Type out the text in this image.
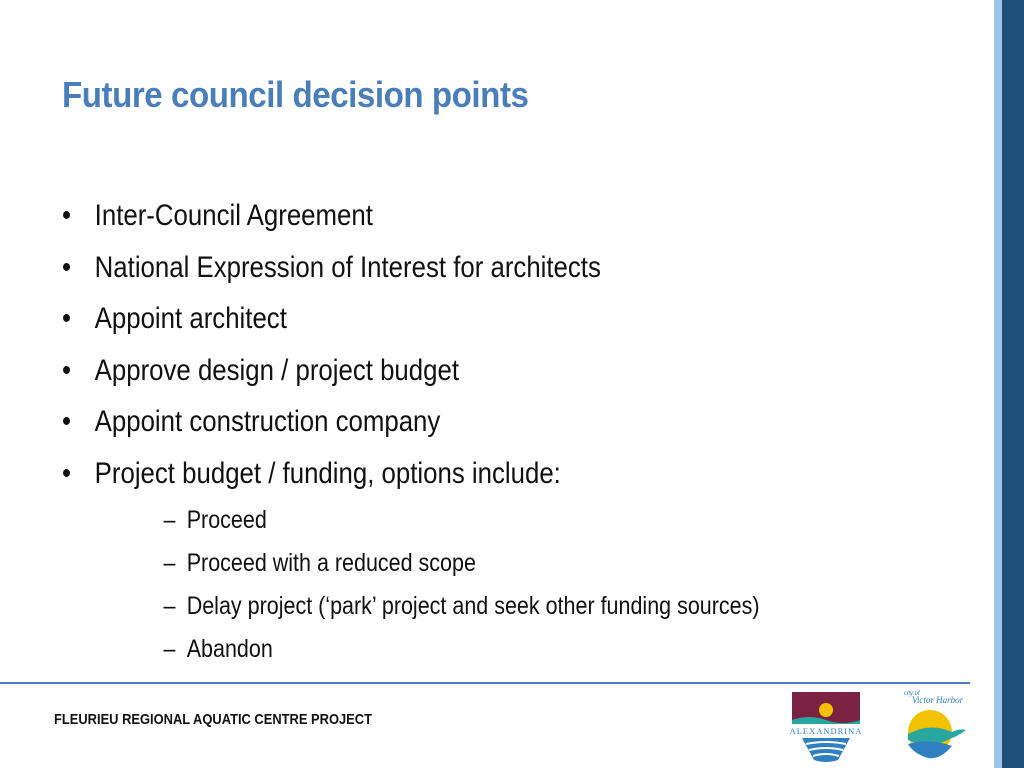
Future council decision points
• Inter-Council Agreement
• National Expression of Interest for architects
• Appoint architect
• Approve design / project budget
• Appoint construction company
• Project budget / funding, options include:
– Proceed
– Proceed with a reduced scope
– Delay project (‘park’ project and seek other funding sources)
– Abandon
FLEURIEU REGIONAL AQUATIC CENTRE PROJECT
ALEXANDRINA
city of
Victor Harbor
